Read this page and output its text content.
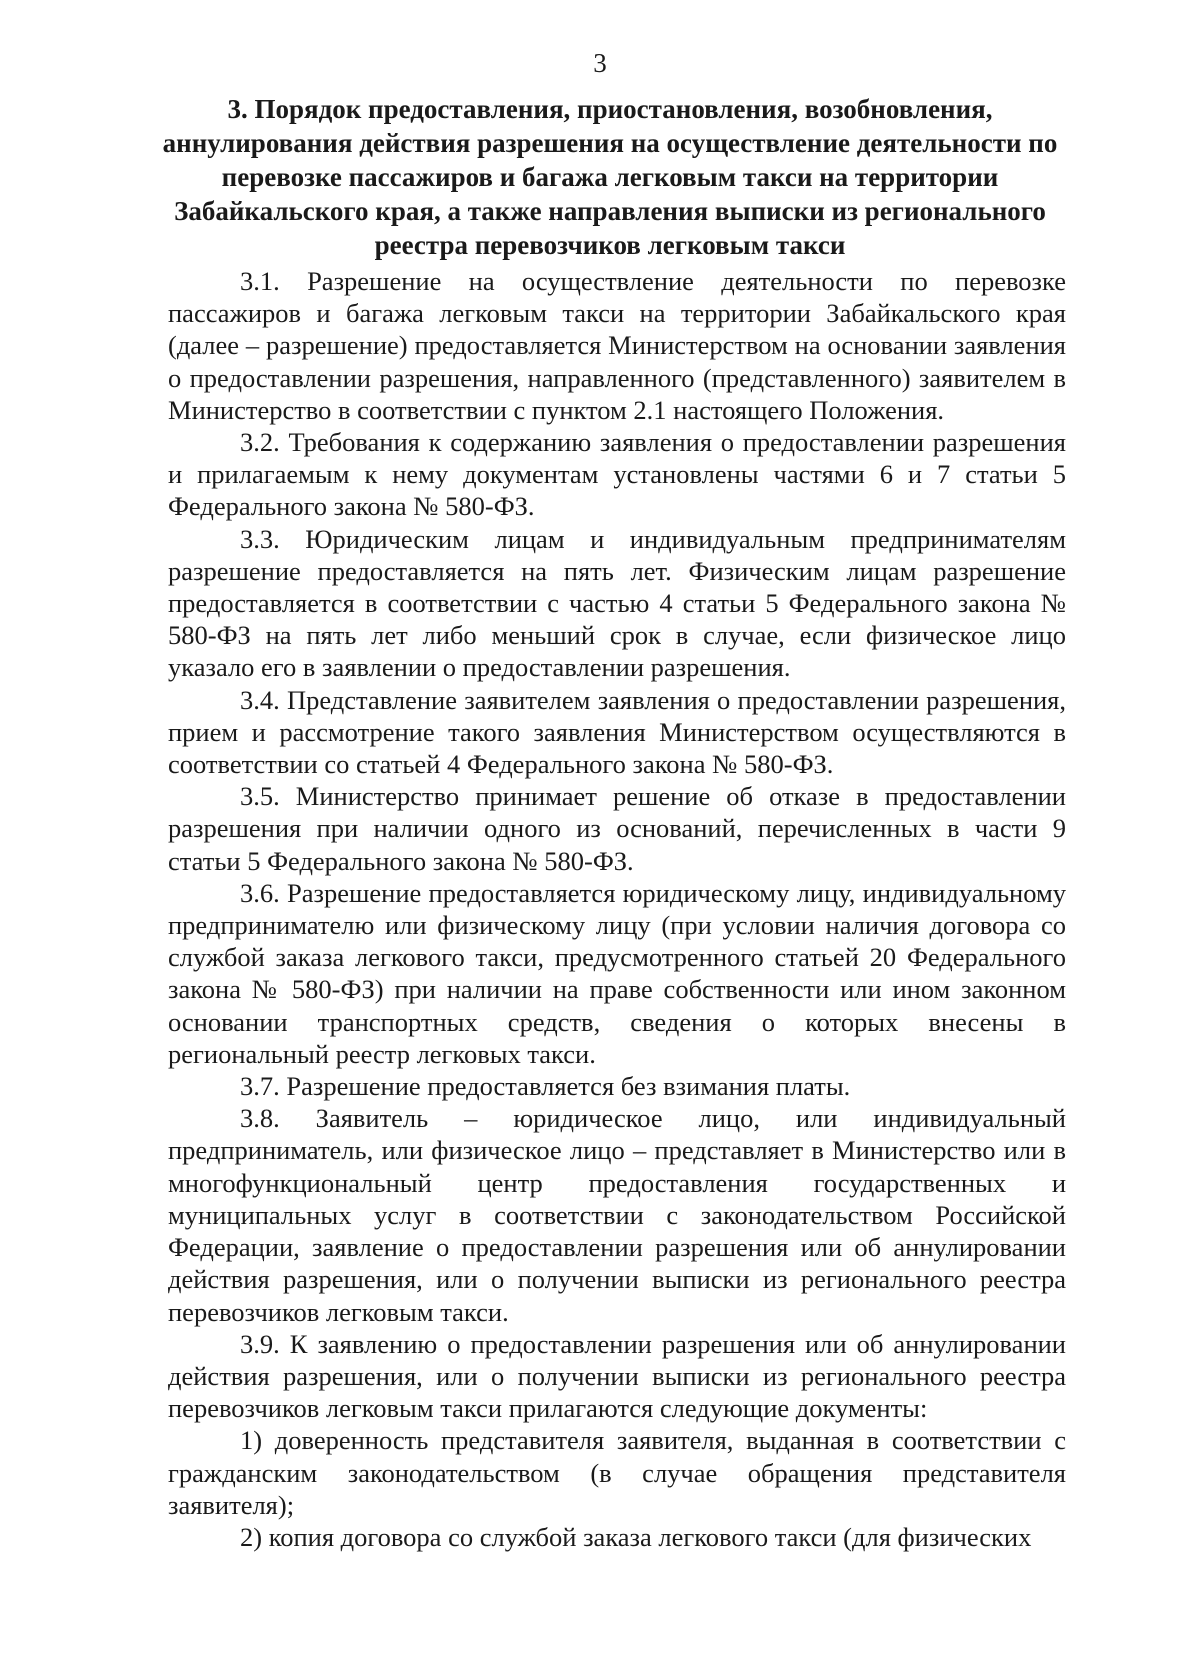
3
3. Порядок предоставления, приостановления, возобновления, аннулирования действия разрешения на осуществление деятельности по перевозке пассажиров и багажа легковым такси на территории Забайкальского края, а также направления выписки из регионального реестра перевозчиков легковым такси

3.1. Разрешение на осуществление деятельности по перевозке пассажиров и багажа легковым такси на территории Забайкальского края (далее – разрешение) предоставляется Министерством на основании заявления о предоставлении разрешения, направленного (представленного) заявителем в Министерство в соответствии с пунктом 2.1 настоящего Положения.

3.2. Требования к содержанию заявления о предоставлении разрешения и прилагаемым к нему документам установлены частями 6 и 7 статьи 5 Федерального закона № 580-ФЗ.

3.3. Юридическим лицам и индивидуальным предпринимателям разрешение предоставляется на пять лет. Физическим лицам разрешение предоставляется в соответствии с частью 4 статьи 5 Федерального закона № 580-ФЗ на пять лет либо меньший срок в случае, если физическое лицо указало его в заявлении о предоставлении разрешения.

3.4. Представление заявителем заявления о предоставлении разрешения, прием и рассмотрение такого заявления Министерством осуществляются в соответствии со статьей 4 Федерального закона № 580-ФЗ.

3.5. Министерство принимает решение об отказе в предоставлении разрешения при наличии одного из оснований, перечисленных в части 9 статьи 5 Федерального закона № 580-ФЗ.

3.6. Разрешение предоставляется юридическому лицу, индивидуальному предпринимателю или физическому лицу (при условии наличия договора со службой заказа легкового такси, предусмотренного статьей 20 Федерального закона № 580-ФЗ) при наличии на праве собственности или ином законном основании транспортных средств, сведения о которых внесены в региональный реестр легковых такси.

3.7. Разрешение предоставляется без взимания платы.

3.8. Заявитель – юридическое лицо, или индивидуальный предприниматель, или физическое лицо – представляет в Министерство или в многофункциональный центр предоставления государственных и муниципальных услуг в соответствии с законодательством Российской Федерации, заявление о предоставлении разрешения или об аннулировании действия разрешения, или о получении выписки из регионального реестра перевозчиков легковым такси.

3.9. К заявлению о предоставлении разрешения или об аннулировании действия разрешения, или о получении выписки из регионального реестра перевозчиков легковым такси прилагаются следующие документы:

1) доверенность представителя заявителя, выданная в соответствии с гражданским законодательством (в случае обращения представителя заявителя);

2) копия договора со службой заказа легкового такси (для физических
